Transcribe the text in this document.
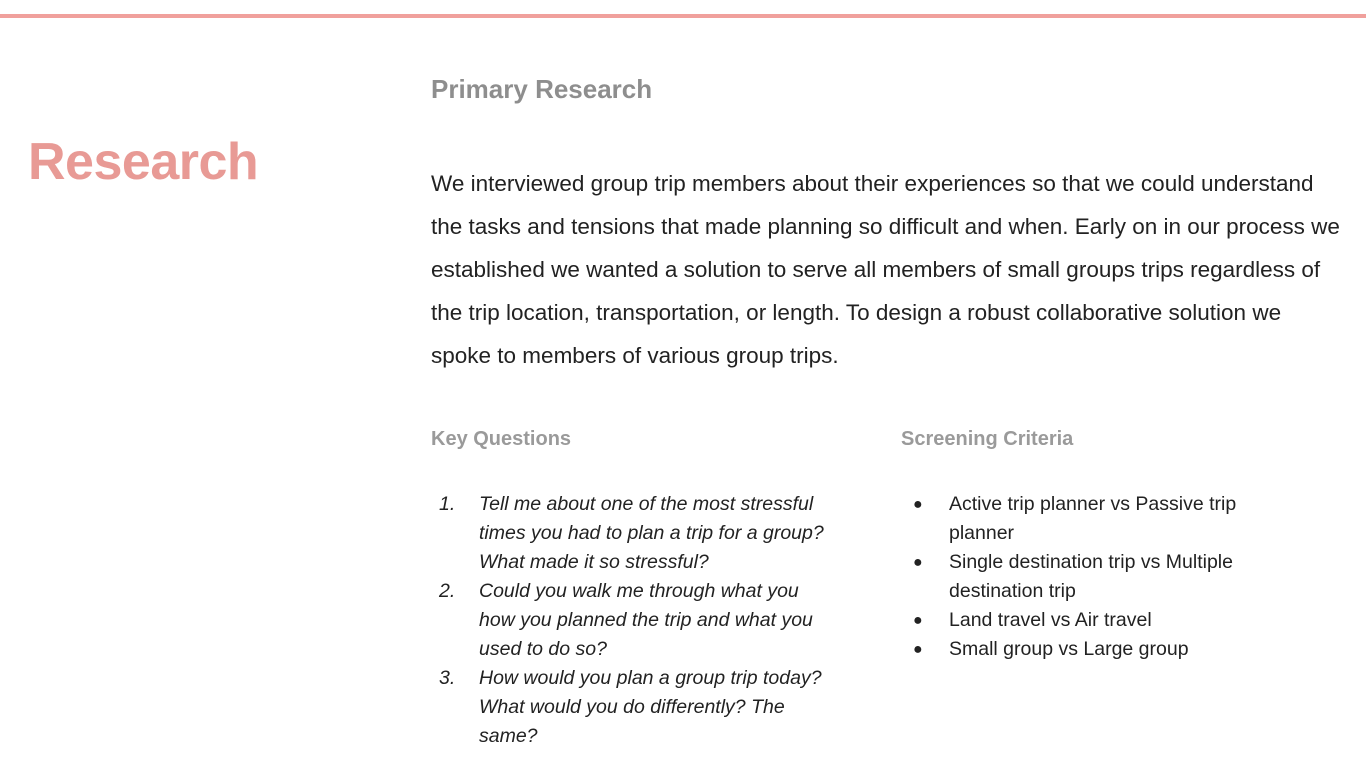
Research
Primary Research

We interviewed group trip members about their experiences so that we could understand the tasks and tensions that made planning so difficult and when. Early on in our process we established we wanted a solution to serve all members of small groups trips regardless of the trip location, transportation, or length. To design a robust collaborative solution we spoke to members of various group trips.

Key Questions	Screening Criteria
1. Tell me about one of the most stressful times you had to plan a trip for a group? What made it so stressful?
2. Could you walk me through what you how you planned the trip and what you used to do so?
3. How would you plan a group trip today? What would you do differently? The same?
● Active trip planner vs Passive trip planner
● Single destination trip vs Multiple destination trip
● Land travel vs Air travel
● Small group vs Large group
